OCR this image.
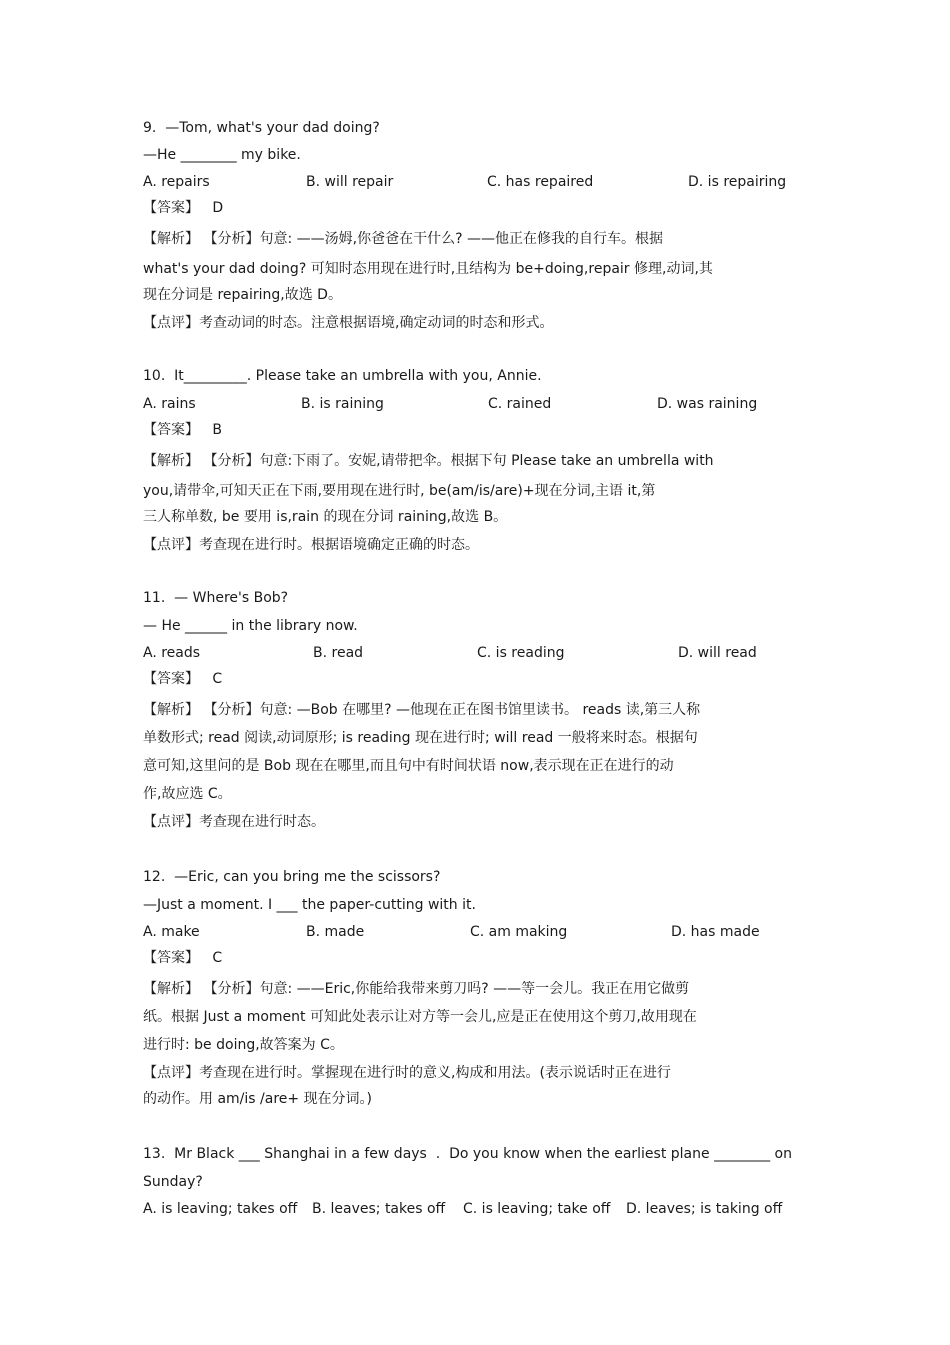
9.  —Tom, what's your dad doing?
—He ________ my bike.
A. repairs	B. will repair	C. has repaired	D. is repairing
【答案】   D

【解析】 【分析】句意: ——汤姆,你爸爸在干什么? ——他正在修我的自行车。根据

what's your dad doing? 可知时态用现在进行时,且结构为 be+doing,repair 修理,动词,其

现在分词是 repairing,故选 D。

【点评】考查动词的时态。注意根据语境,确定动词的时态和形式。

10.  It_________. Please take an umbrella with you, Annie.
A. rains	B. is raining	C. rained	D. was raining
【答案】   B

【解析】 【分析】句意:下雨了。安妮,请带把伞。根据下句 Please take an umbrella with

you,请带伞,可知天正在下雨,要用现在进行时, be(am/is/are)+现在分词,主语 it,第

三人称单数, be 要用 is,rain 的现在分词 raining,故选 B。

【点评】考查现在进行时。根据语境确定正确的时态。

11.  — Where's Bob?
— He ______ in the library now.
A. reads	B. read	C. is reading	D. will read
【答案】   C

【解析】 【分析】句意: —Bob 在哪里? —他现在正在图书馆里读书。 reads 读,第三人称

单数形式; read 阅读,动词原形; is reading 现在进行时; will read 一般将来时态。根据句

意可知,这里问的是 Bob 现在在哪里,而且句中有时间状语 now,表示现在正在进行的动

作,故应选 C。

【点评】考查现在进行时态。

12.  —Eric, can you bring me the scissors?
—Just a moment. I ___ the paper-cutting with it.
A. make	B. made	C. am making	D. has made
【答案】   C

【解析】 【分析】句意: ——Eric,你能给我带来剪刀吗? ——等一会儿。我正在用它做剪

纸。根据 Just a moment 可知此处表示让对方等一会儿,应是正在使用这个剪刀,故用现在

进行时: be doing,故答案为 C。

【点评】考查现在进行时。掌握现在进行时的意义,构成和用法。(表示说话时正在进行

的动作。用 am/is /are+ 现在分词。)

13.  Mr Black ___ Shanghai in a few days  .  Do you know when the earliest plane ________ on
Sunday?
A. is leaving; takes off B. leaves; takes off C. is leaving; take off D. leaves; is taking off
